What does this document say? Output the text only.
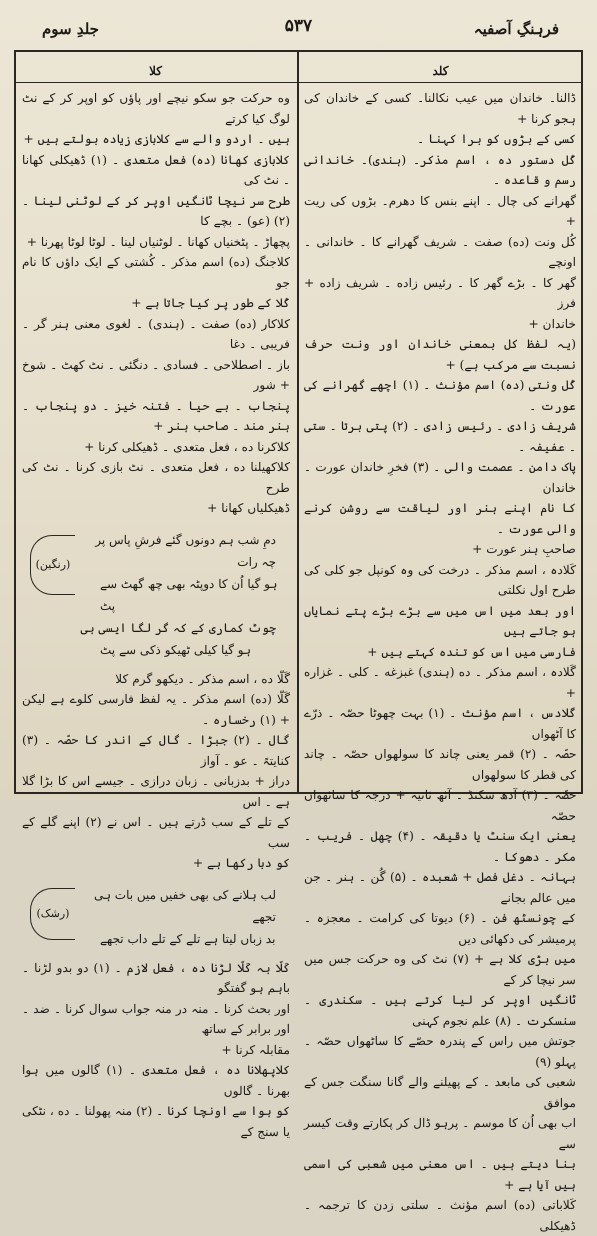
فرہنگِ آصفیہ
۵۳۷
جلدِ سوم
کلد
کلا

ڈالنا۔ خاندان میں عیب نکالنا۔ کسی کے خاندان کی ہجو کرنا +

کسی کے بڑوں کو برا کہنا ۔

کُل دستور ده ، اسم مذکر۔ (ہندی)۔ خاندانی رسم و قاعده ۔

گھرانے کی چال ۔ اپنے بنس کا دھرم۔ بڑوں کی ریت +

کُل ونت (ده) صفت ۔ شریف گھرانے کا ۔ خاندانی ۔ اونچے

گھر کا ۔ بڑے گھر کا ۔ رئیس زاده ۔ شریف زاده + فرز

خاندان +

(یہ لفظ کل بمعنی خاندان اور ونت حرف نسبت سے مرکب ہے) +

کُل ونتی (ده) اسم مؤنث ۔ (۱) اچھے گھرانے کی عورت ۔

شریف زادی ۔ رئیس زادی ۔ (۲) پتی برتا ۔ ستی ۔ عفیفہ ۔

پاک دامن ۔ عصمت والی ۔ (۳) فخرِ خاندان عورت ۔ خاندان

کا نام اپنے ہنر اور لیاقت سے روشن کرنے والی عورت ۔

صاحبِ ہنر عورت +

کَلادہ ، اسم مذکر ۔ درخت کی وہ کونپل جو کلی کی طرح اول نکلتی

اور بعد میں اس میں سے بڑے بڑے پتے نمایاں ہو جاتے ہیں

فارسی میں اس کو تندہ کہتے ہیں +

گَلادہ ، اسم مذکر ۔ ده (ہندی) غبزغه ۔ کلی ۔ غزاره +

گَلادس ، اسم مؤنث ۔ (۱) بہت چھوٹا حصّہ ۔ ذرّے کا آٹھواں

حصّہ ۔ (۲) قمر یعنی چاند کا سولھواں حصّہ ۔ چاند کی قطر کا سولھواں

حصّہ ۔ (۳) آدھ سکنڈ ۔ آٹھ ثانیہ + درجہ کا ساٹھواں حصّہ

یعنی ایک سنٹ یا دقیقہ ۔ (۴) چھل ۔ فریب ۔ مکر ۔ دھوکا ۔

بہانہ ۔ دغل فصل + شعبدہ ۔ (۵) گُن ۔ ہنر ۔ جن میں عالم بجانے

کے چونسٹھ فن ۔ (۶) دیوتا کی کرامت ۔ معجزہ ۔ پرمیشر کی دکھائی دیں

میں بڑی کلا ہے + (۷) نٹ کی وه حرکت جس میں سر نیچا کر کے

ٹانگیں اوپر کر لیا کرتے ہیں ۔ سکندری ۔ سنسکرت ۔ (۸) علم نجوم کہنی

جوتش میں راس کے پندرہ حصّے کا ساٹھواں حصّہ ۔ پہلو (۹)

شعبی کی مابعد ۔ کے پھیلنے والے گانا سنگت جس کے موافق

اب بھی اُن کا موسم ۔ پرہو ڈال کر پکارتے وقت کیسر سے

بنا دیتے ہیں ۔ اس معنی میں شعبی کی اسمی ہیں آیا ہے +

کَلاباتی (ده) اسم مؤنث ۔ سلتی زدن کا ترجمہ ۔ ڈھیکلی

وه حرکت جو سکو نیچے اور پاؤں کو اوپر کر کے نٹ لوگ کیا کرتے

ہیں ۔ اردو والے سے کلابازی زیاده بولتے ہیں +

کلابازی کھانا (ده) فعل متعدی ۔ (۱) ڈھیکلی کھانا ۔ نٹ کی

طرح سر نیچا ٹانگیں اوپر کر کے لوٹنی لینا ۔ (۲) (عو) ۔ بچے کا

پچھاڑ ۔ پٹخنیاں کھانا ۔ لوٹنیاں لینا ۔ لوٹا لوٹا پھرنا +

کلاجنگ (ده) اسم مذکر ۔ کُشتی کے ایک داؤں کا نام جو

کُلا کے طور پر کیا جاتا ہے +

کلاکار (ده) صفت ۔ (ہندی) ۔ لغوی معنی ہنر گر ۔ فریبی ۔ دغا

باز ۔ اصطلاحی ۔ فسادی ۔ دنگئی ۔ نٹ کھٹ ۔ شوخ + شور

پنجاب ۔ بے حیا ۔ فتنہ خیز ۔ دو پنجاب ۔ ہنر مند ۔ صاحب ہنر +

کلاکرنا ده ، فعل متعدی ۔ ڈھیکلی کرنا +

کلاکھیلنا ده ، فعل متعدی ۔ نٹ بازی کرنا ۔ نٹ کی طرح

ڈھیکلیاں کھانا +

دمِ شب ہم دونوں گئے فرشِ پاس پر چہ رات
ہو گیا اُن کا دوپٹہ بھی چھ گھٹ سے پٹ
چوٹ کماری کے کہ گر لگا ایسی ہی
ہو گیا کیلی ٹھیکو ذکی سے پٹ
(رنگین)

گَلّا ده ، اسم مذکر ۔ دیکھو گرم کلا

گَلّا (ده) اسم مذکر ۔ یہ لفظ فارسی کلوے ہے لیکن + (۱) رخسارہ ۔

گال ۔ (۲) جبڑا ۔ گال کے اندر کا حصّہ ۔ (۳) کنایتہً ۔ عو ۔ آواز

دراز + بدزبانی ۔ زبان درازی ۔ جیسے اس کا بڑا گلا ہے ۔ اس

کے تلے کے سب ڈرتے ہیں ۔ اس نے (۲) اپنے گلے کے سب

کو دبا رکھا ہے +

لب ہلانے کی بھی خفیں میں بات ہی تجھے
بد زباں لیتا ہے تلے کے تلے داب تجھے
(رشک)

کَلّا بہ کَلّا لڑنا ده ، فعل لازم ۔ (۱) دو بدو لڑنا ۔ باہم ہو گفتگو

اور بحث کرنا ۔ منہ در منہ جواب سوال کرنا ۔ ضد ۔ اور برابر کے ساتھ

مقابلہ کرنا +

کلاپھلانا ده ، فعل متعدی ۔ (۱) گالوں میں ہوا بھرنا ۔ گالوں

کو ہوا سے اونچا کرنا ۔ (۲) منہ پھولنا ۔ ده ، نٹکی یا سنج کے
